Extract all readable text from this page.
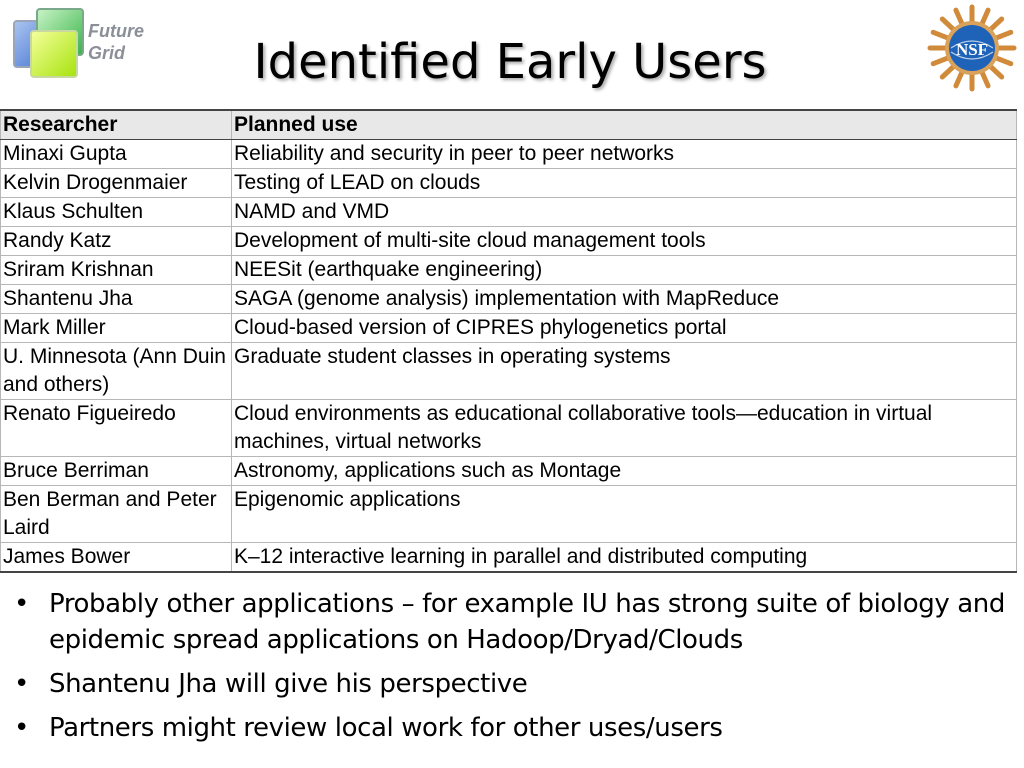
Future
Grid	Identified Early Users	NSF
Researcher	Planned use
Minaxi Gupta	Reliability and security in peer to peer networks
Kelvin Drogenmaier	Testing of LEAD on clouds
Klaus Schulten	NAMD and VMD
Randy Katz	Development of multi-site cloud management tools
Sriram Krishnan	NEESit (earthquake engineering)
Shantenu Jha	SAGA (genome analysis) implementation with MapReduce
Mark Miller	Cloud-based version of CIPRES phylogenetics portal
U. Minnesota (Ann Duin and others)	Graduate student classes in operating systems
Renato Figueiredo	Cloud environments as educational collaborative tools—education in virtual machines, virtual networks
Bruce Berriman	Astronomy, applications such as Montage
Ben Berman and Peter Laird	Epigenomic applications
James Bower	K–12 interactive learning in parallel and distributed computing
• Probably other applications – for example IU has strong suite of biology and epidemic spread applications on Hadoop/Dryad/Clouds
• Shantenu Jha will give his perspective
• Partners might review local work for other uses/users
